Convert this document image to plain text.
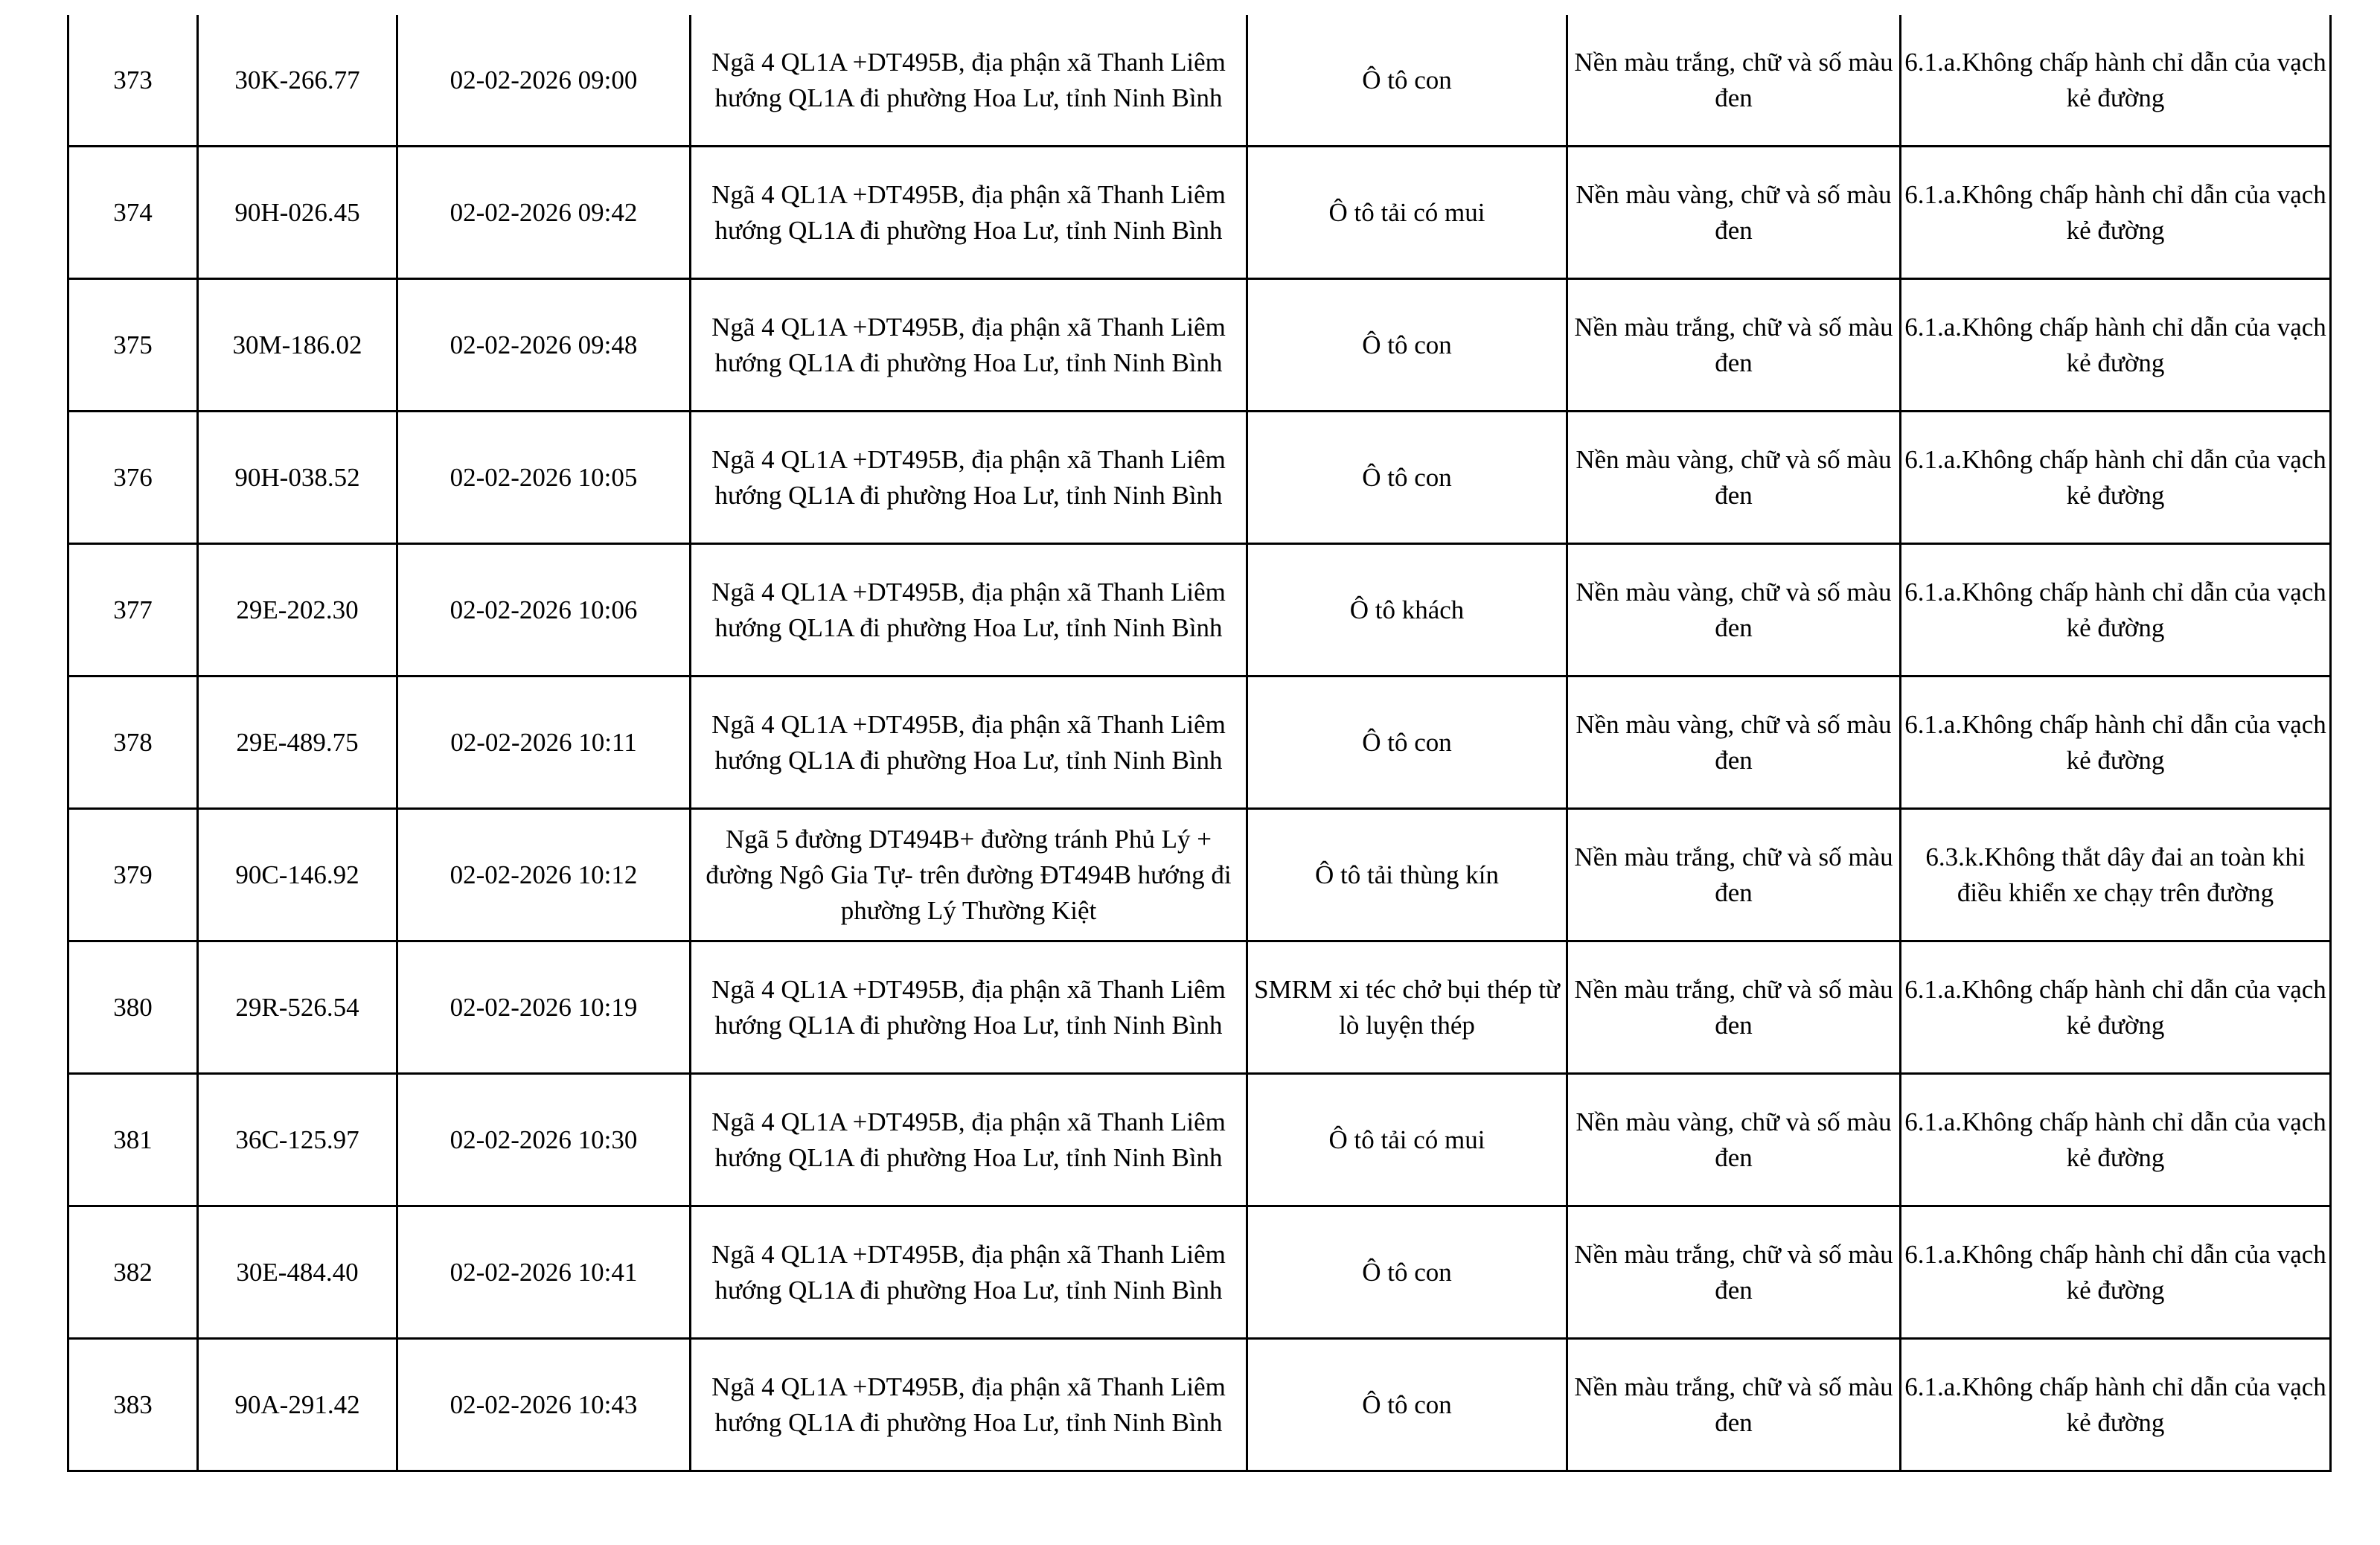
373	30K-266.77	02-02-2026 09:00	Ngã 4 QL1A +DT495B, địa phận xã Thanh Liêm hướng QL1A đi phường Hoa Lư, tỉnh Ninh Bình	Ô tô con	Nền màu trắng, chữ và số màu đen	6.1.a.Không chấp hành chỉ dẫn của vạch kẻ đường

374	90H-026.45	02-02-2026 09:42	Ngã 4 QL1A +DT495B, địa phận xã Thanh Liêm hướng QL1A đi phường Hoa Lư, tỉnh Ninh Bình	Ô tô tải có mui	Nền màu vàng, chữ và số màu đen	6.1.a.Không chấp hành chỉ dẫn của vạch kẻ đường

375	30M-186.02	02-02-2026 09:48	Ngã 4 QL1A +DT495B, địa phận xã Thanh Liêm hướng QL1A đi phường Hoa Lư, tỉnh Ninh Bình	Ô tô con	Nền màu trắng, chữ và số màu đen	6.1.a.Không chấp hành chỉ dẫn của vạch kẻ đường

376	90H-038.52	02-02-2026 10:05	Ngã 4 QL1A +DT495B, địa phận xã Thanh Liêm hướng QL1A đi phường Hoa Lư, tỉnh Ninh Bình	Ô tô con	Nền màu vàng, chữ và số màu đen	6.1.a.Không chấp hành chỉ dẫn của vạch kẻ đường

377	29E-202.30	02-02-2026 10:06	Ngã 4 QL1A +DT495B, địa phận xã Thanh Liêm hướng QL1A đi phường Hoa Lư, tỉnh Ninh Bình	Ô tô khách	Nền màu vàng, chữ và số màu đen	6.1.a.Không chấp hành chỉ dẫn của vạch kẻ đường

378	29E-489.75	02-02-2026 10:11	Ngã 4 QL1A +DT495B, địa phận xã Thanh Liêm hướng QL1A đi phường Hoa Lư, tỉnh Ninh Bình	Ô tô con	Nền màu vàng, chữ và số màu đen	6.1.a.Không chấp hành chỉ dẫn của vạch kẻ đường

379	90C-146.92	02-02-2026 10:12	Ngã 5 đường DT494B+ đường tránh Phủ Lý + đường Ngô Gia Tự- trên đường ĐT494B hướng đi phường Lý Thường Kiệt	Ô tô tải thùng kín	Nền màu trắng, chữ và số màu đen	6.3.k.Không thắt dây đai an toàn khi điều khiển xe chạy trên đường

380	29R-526.54	02-02-2026 10:19	Ngã 4 QL1A +DT495B, địa phận xã Thanh Liêm hướng QL1A đi phường Hoa Lư, tỉnh Ninh Bình	SMRM xi téc chở bụi thép từ lò luyện thép	Nền màu trắng, chữ và số màu đen	6.1.a.Không chấp hành chỉ dẫn của vạch kẻ đường

381	36C-125.97	02-02-2026 10:30	Ngã 4 QL1A +DT495B, địa phận xã Thanh Liêm hướng QL1A đi phường Hoa Lư, tỉnh Ninh Bình	Ô tô tải có mui	Nền màu vàng, chữ và số màu đen	6.1.a.Không chấp hành chỉ dẫn của vạch kẻ đường

382	30E-484.40	02-02-2026 10:41	Ngã 4 QL1A +DT495B, địa phận xã Thanh Liêm hướng QL1A đi phường Hoa Lư, tỉnh Ninh Bình	Ô tô con	Nền màu trắng, chữ và số màu đen	6.1.a.Không chấp hành chỉ dẫn của vạch kẻ đường

383	90A-291.42	02-02-2026 10:43	Ngã 4 QL1A +DT495B, địa phận xã Thanh Liêm hướng QL1A đi phường Hoa Lư, tỉnh Ninh Bình	Ô tô con	Nền màu trắng, chữ và số màu đen	6.1.a.Không chấp hành chỉ dẫn của vạch kẻ đường
